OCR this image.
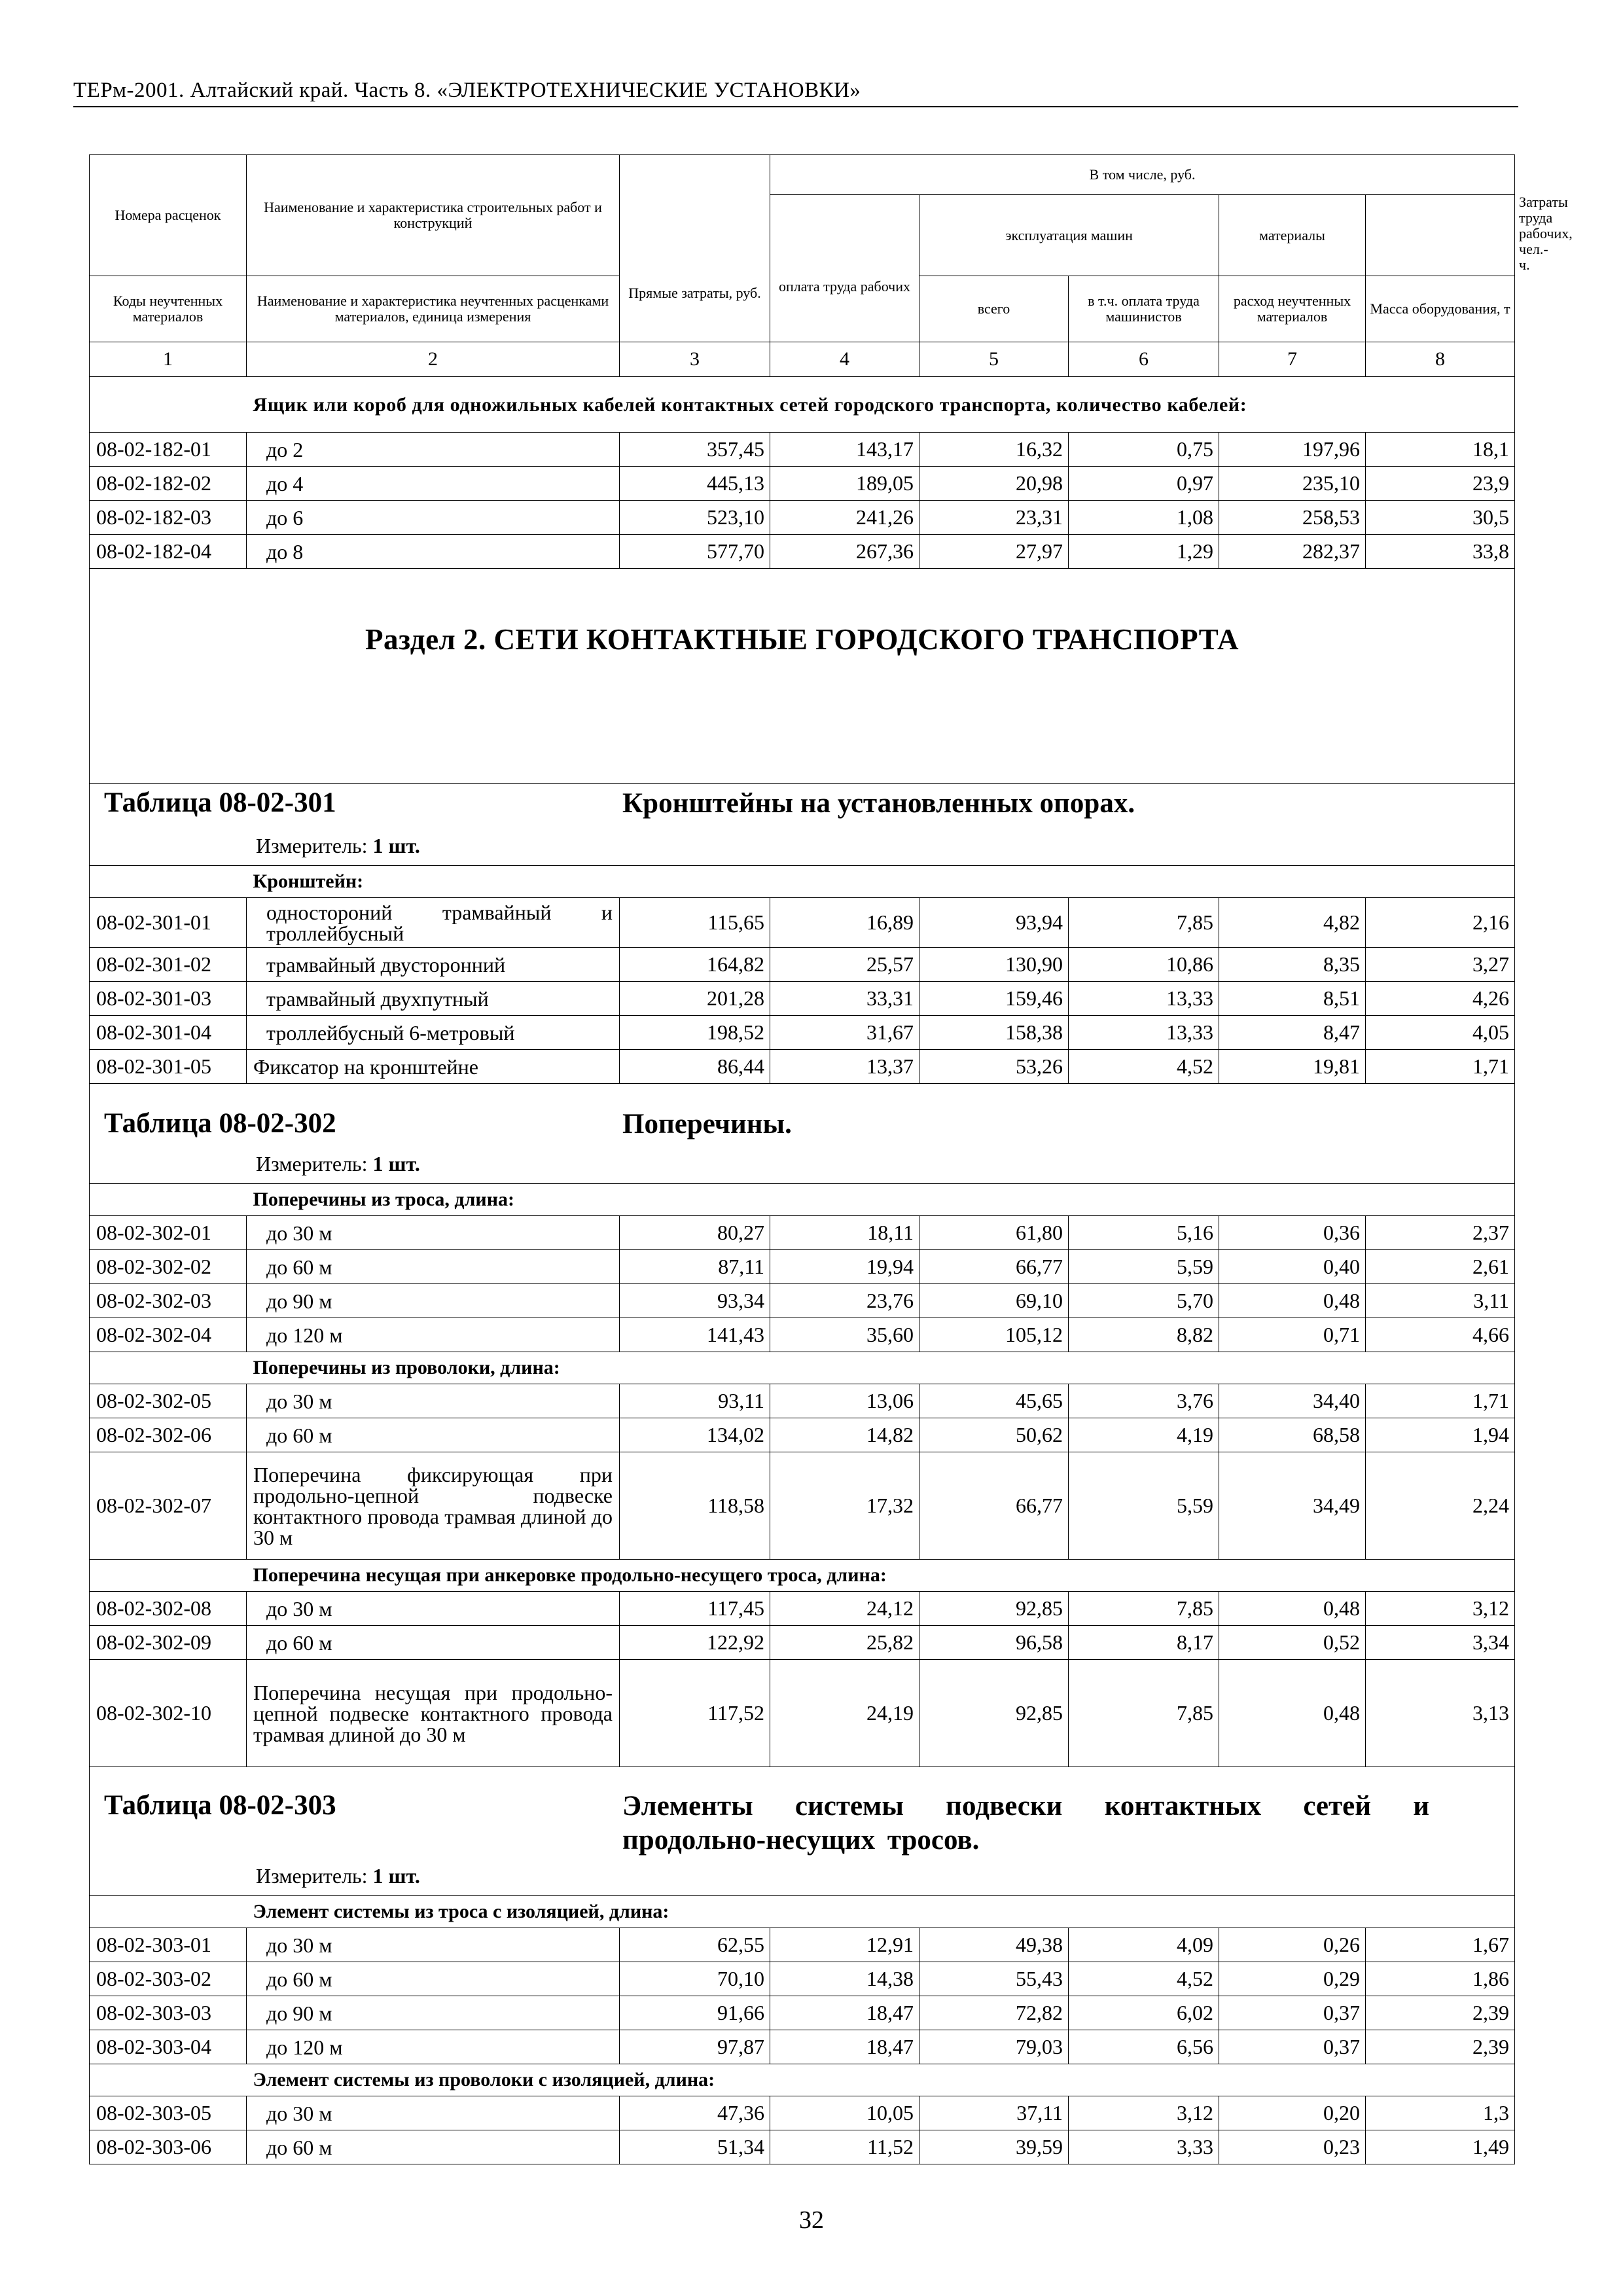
ТЕРм-2001. Алтайский край. Часть 8. «ЭЛЕКТРОТЕХНИЧЕСКИЕ УСТАНОВКИ»
Номера расценок	Наименование и характеристика строительных работ и конструкций	Прямые затраты, руб.	В том числе, руб.					Затраты труда рабочих, чел.-ч.
			оплата труда рабочих	эксплуатация машин		материалы		
Коды неучтенных материалов	Наименование и характеристика неучтенных расценками материалов, единица измерения			всего	в т.ч. оплата труда машинистов	расход неучтенных материалов	Масса оборудования, т	
1	2	3	4	5	6	7	8	
	Ящик или короб для одножильных кабелей контактных сетей городского транспорта, количество кабелей:							
08-02-182-01	до 2	357,45	143,17	16,32	0,75	197,96	18,1	
08-02-182-02	до 4	445,13	189,05	20,98	0,97	235,10	23,9	
08-02-182-03	до 6	523,10	241,26	23,31	1,08	258,53	30,5	
08-02-182-04	до 8	577,70	267,36	27,97	1,29	282,37	33,8	

Раздел 2. СЕТИ КОНТАКТНЫЕ ГОРОДСКОГО ТРАНСПОРТА								

Таблица 08-02-301 Кронштейны на установленных опорах.
Измеритель: 1 шт.								

	Кронштейн:							
08-02-301-01	одностороний трамвайный и троллейбусный	115,65	16,89	93,94	7,85	4,82	2,16	
08-02-301-02	трамвайный двусторонний	164,82	25,57	130,90	10,86	8,35	3,27	
08-02-301-03	трамвайный двухпутный	201,28	33,31	159,46	13,33	8,51	4,26	
08-02-301-04	троллейбусный 6-метровый	198,52	31,67	158,38	13,33	8,47	4,05	
08-02-301-05	Фиксатор на кронштейне	86,44	13,37	53,26	4,52	19,81	1,71	

Таблица 08-02-302 Поперечины.
Измеритель: 1 шт.								

	Поперечины из троса, длина:							
08-02-302-01	до 30 м	80,27	18,11	61,80	5,16	0,36	2,37	
08-02-302-02	до 60 м	87,11	19,94	66,77	5,59	0,40	2,61	
08-02-302-03	до 90 м	93,34	23,76	69,10	5,70	0,48	3,11	
08-02-302-04	до 120 м	141,43	35,60	105,12	8,82	0,71	4,66	
	Поперечины из проволоки, длина:							
08-02-302-05	до 30 м	93,11	13,06	45,65	3,76	34,40	1,71	
08-02-302-06	до 60 м	134,02	14,82	50,62	4,19	68,58	1,94	
08-02-302-07	Поперечина фиксирующая при продольно-цепной подвеске контактного провода трамвая длиной до 30 м	118,58	17,32	66,77	5,59	34,49	2,24	
	Поперечина несущая при анкеровке продольно-несущего троса, длина:							
08-02-302-08	до 30 м	117,45	24,12	92,85	7,85	0,48	3,12	
08-02-302-09	до 60 м	122,92	25,82	96,58	8,17	0,52	3,34	
08-02-302-10	Поперечина несущая при продольно-цепной подвеске контактного провода трамвая длиной до 30 м	117,52	24,19	92,85	7,85	0,48	3,13	

Таблица 08-02-303 Элементы системы подвески контактных сетей и продольно-несущих тросов.
Измеритель: 1 шт.								

	Элемент системы из троса с изоляцией, длина:							
08-02-303-01	до 30 м	62,55	12,91	49,38	4,09	0,26	1,67	
08-02-303-02	до 60 м	70,10	14,38	55,43	4,52	0,29	1,86	
08-02-303-03	до 90 м	91,66	18,47	72,82	6,02	0,37	2,39	
08-02-303-04	до 120 м	97,87	18,47	79,03	6,56	0,37	2,39	
	Элемент системы из проволоки с изоляцией, длина:							
08-02-303-05	до 30 м	47,36	10,05	37,11	3,12	0,20	1,3	
08-02-303-06	до 60 м	51,34	11,52	39,59	3,33	0,23	1,49	
32
